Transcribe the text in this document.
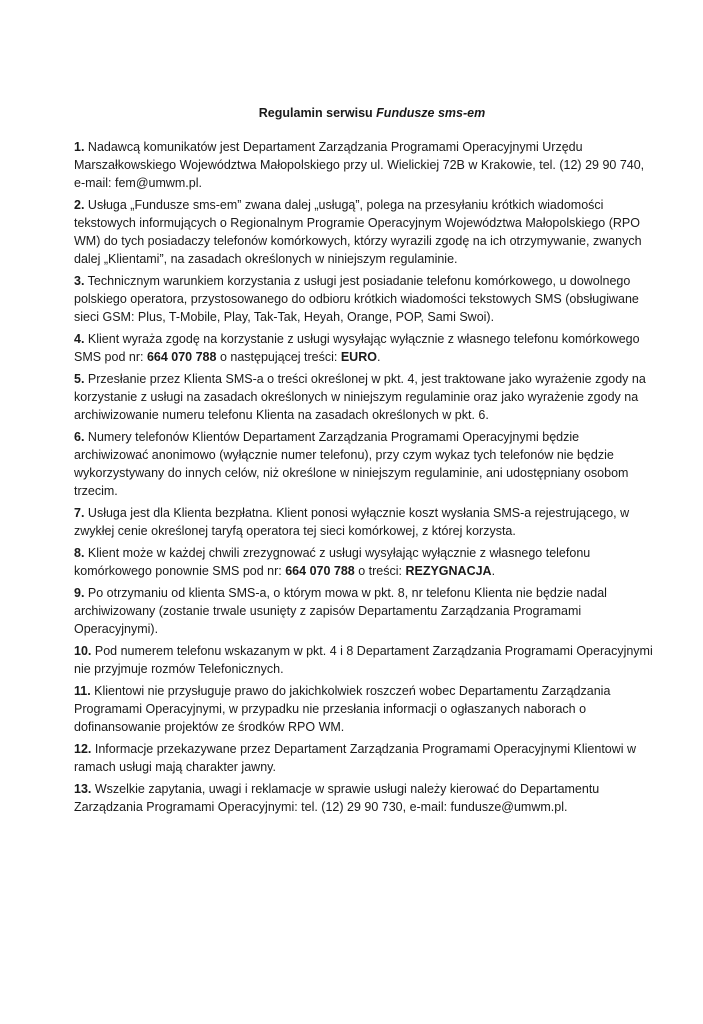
Regulamin serwisu Fundusze sms-em

1. Nadawcą komunikatów jest Departament Zarządzania Programami Operacyjnymi Urzędu Marszałkowskiego Województwa Małopolskiego przy ul. Wielickiej 72B w Krakowie, tel. (12) 29 90 740, e-mail: fem@umwm.pl.

2. Usługa „Fundusze sms-em” zwana dalej „usługą”, polega na przesyłaniu krótkich wiadomości tekstowych informujących o Regionalnym Programie Operacyjnym Województwa Małopolskiego (RPO WM) do tych posiadaczy telefonów komórkowych, którzy wyrazili zgodę na ich otrzymywanie, zwanych dalej „Klientami”, na zasadach określonych w niniejszym regulaminie.

3. Technicznym warunkiem korzystania z usługi jest posiadanie telefonu komórkowego, u dowolnego polskiego operatora, przystosowanego do odbioru krótkich wiadomości tekstowych SMS (obsługiwane sieci GSM: Plus, T-Mobile, Play, Tak-Tak, Heyah, Orange, POP, Sami Swoi).

4. Klient wyraża zgodę na korzystanie z usługi wysyłając wyłącznie z własnego telefonu komórkowego SMS pod nr: 664 070 788 o następującej treści: EURO.

5. Przesłanie przez Klienta SMS-a o treści określonej w pkt. 4, jest traktowane jako wyrażenie zgody na korzystanie z usługi na zasadach określonych w niniejszym regulaminie oraz jako wyrażenie zgody na archiwizowanie numeru telefonu Klienta na zasadach określonych w pkt. 6.

6. Numery telefonów Klientów Departament Zarządzania Programami Operacyjnymi będzie archiwizować anonimowo (wyłącznie numer telefonu), przy czym wykaz tych telefonów nie będzie wykorzystywany do innych celów, niż określone w niniejszym regulaminie, ani udostępniany osobom trzecim.

7. Usługa jest dla Klienta bezpłatna. Klient ponosi wyłącznie koszt wysłania SMS-a rejestrującego, w zwykłej cenie określonej taryfą operatora tej sieci komórkowej, z której korzysta.

8. Klient może w każdej chwili zrezygnować z usługi wysyłając wyłącznie z własnego telefonu komórkowego ponownie SMS pod nr: 664 070 788 o treści: REZYGNACJA.

9. Po otrzymaniu od klienta SMS-a, o którym mowa w pkt. 8, nr telefonu Klienta nie będzie nadal archiwizowany (zostanie trwale usunięty z zapisów Departamentu Zarządzania Programami Operacyjnymi).

10. Pod numerem telefonu wskazanym w pkt. 4 i 8 Departament Zarządzania Programami Operacyjnymi nie przyjmuje rozmów Telefonicznych.

11. Klientowi nie przysługuje prawo do jakichkolwiek roszczeń wobec Departamentu Zarządzania Programami Operacyjnymi, w przypadku nie przesłania informacji o ogłaszanych naborach o dofinansowanie projektów ze środków RPO WM.

12. Informacje przekazywane przez Departament Zarządzania Programami Operacyjnymi Klientowi w ramach usługi mają charakter jawny.

13. Wszelkie zapytania, uwagi i reklamacje w sprawie usługi należy kierować do Departamentu Zarządzania Programami Operacyjnymi: tel. (12) 29 90 730, e-mail: fundusze@umwm.pl.
